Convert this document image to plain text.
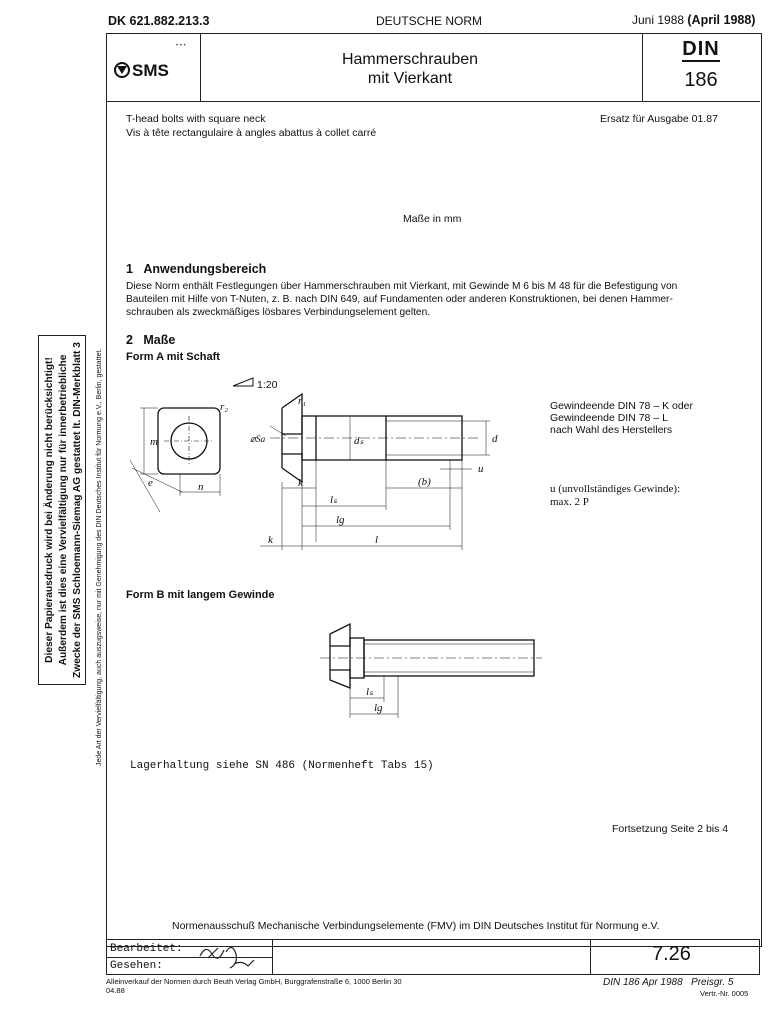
DK 621.882.213.3	DEUTSCHE NORM	Juni 1988 (April 1988)
SMS
• • •
Hammerschrauben
mit Vierkant
DIN
186
T-head bolts with square neck
Vis à tête rectangulaire à angles abattus à collet carré
Ersatz für Ausgabe 01.87
Maße in mm
1 Anwendungsbereich
Diese Norm enthält Festlegungen über Hammerschrauben mit Vierkant, mit Gewinde M 6 bis M 48 für die Befestigung von
Bauteilen mit Hilfe von T-Nuten, z. B. nach DIN 649, auf Fundamenten oder anderen Konstruktionen, bei denen Hammer-
schrauben als zweckmäßiges lösbares Verbindungselement gelten.
2 Maße
Form A mit Schaft
1:20
m
n
e
r₂	r₁
⌀Sa	dₛ	d
u
k	(b)
lₛ
lg
k	l
Gewindeende DIN 78 – K oder
Gewindeende DIN 78 – L
nach Wahl des Herstellers
u (unvollständiges Gewinde):
max. 2 P
Form B mit langem Gewinde
lₛ
lg
Lagerhaltung siehe SN 486 (Normenheft Tabs 15)
Fortsetzung Seite 2 bis 4
Normenausschuß Mechanische Verbindungselemente (FMV) im DIN Deutsches Institut für Normung e.V.
Bearbeitet:
Gesehen:
7.26
Alleinverkauf der Normen durch Beuth Verlag GmbH, Burggrafenstraße 6, 1000 Berlin 30
04.88
DIN 186 Apr 1988 Preisgr. 5
Vertr.-Nr. 0005
Jede Art der Vervielfältigung, auch auszugsweise, nur mit Genehmigung des DIN Deutsches Institut für Normung e.V., Berlin, gestattet.
Dieser Papierausdruck wird bei Änderung nicht berücksichtigt! Außerdem ist dies eine Vervielfältigung nur für innerbetriebliche Zwecke der SMS Schloemann-Siemag AG gestattet lt. DIN-Merkblatt 3
